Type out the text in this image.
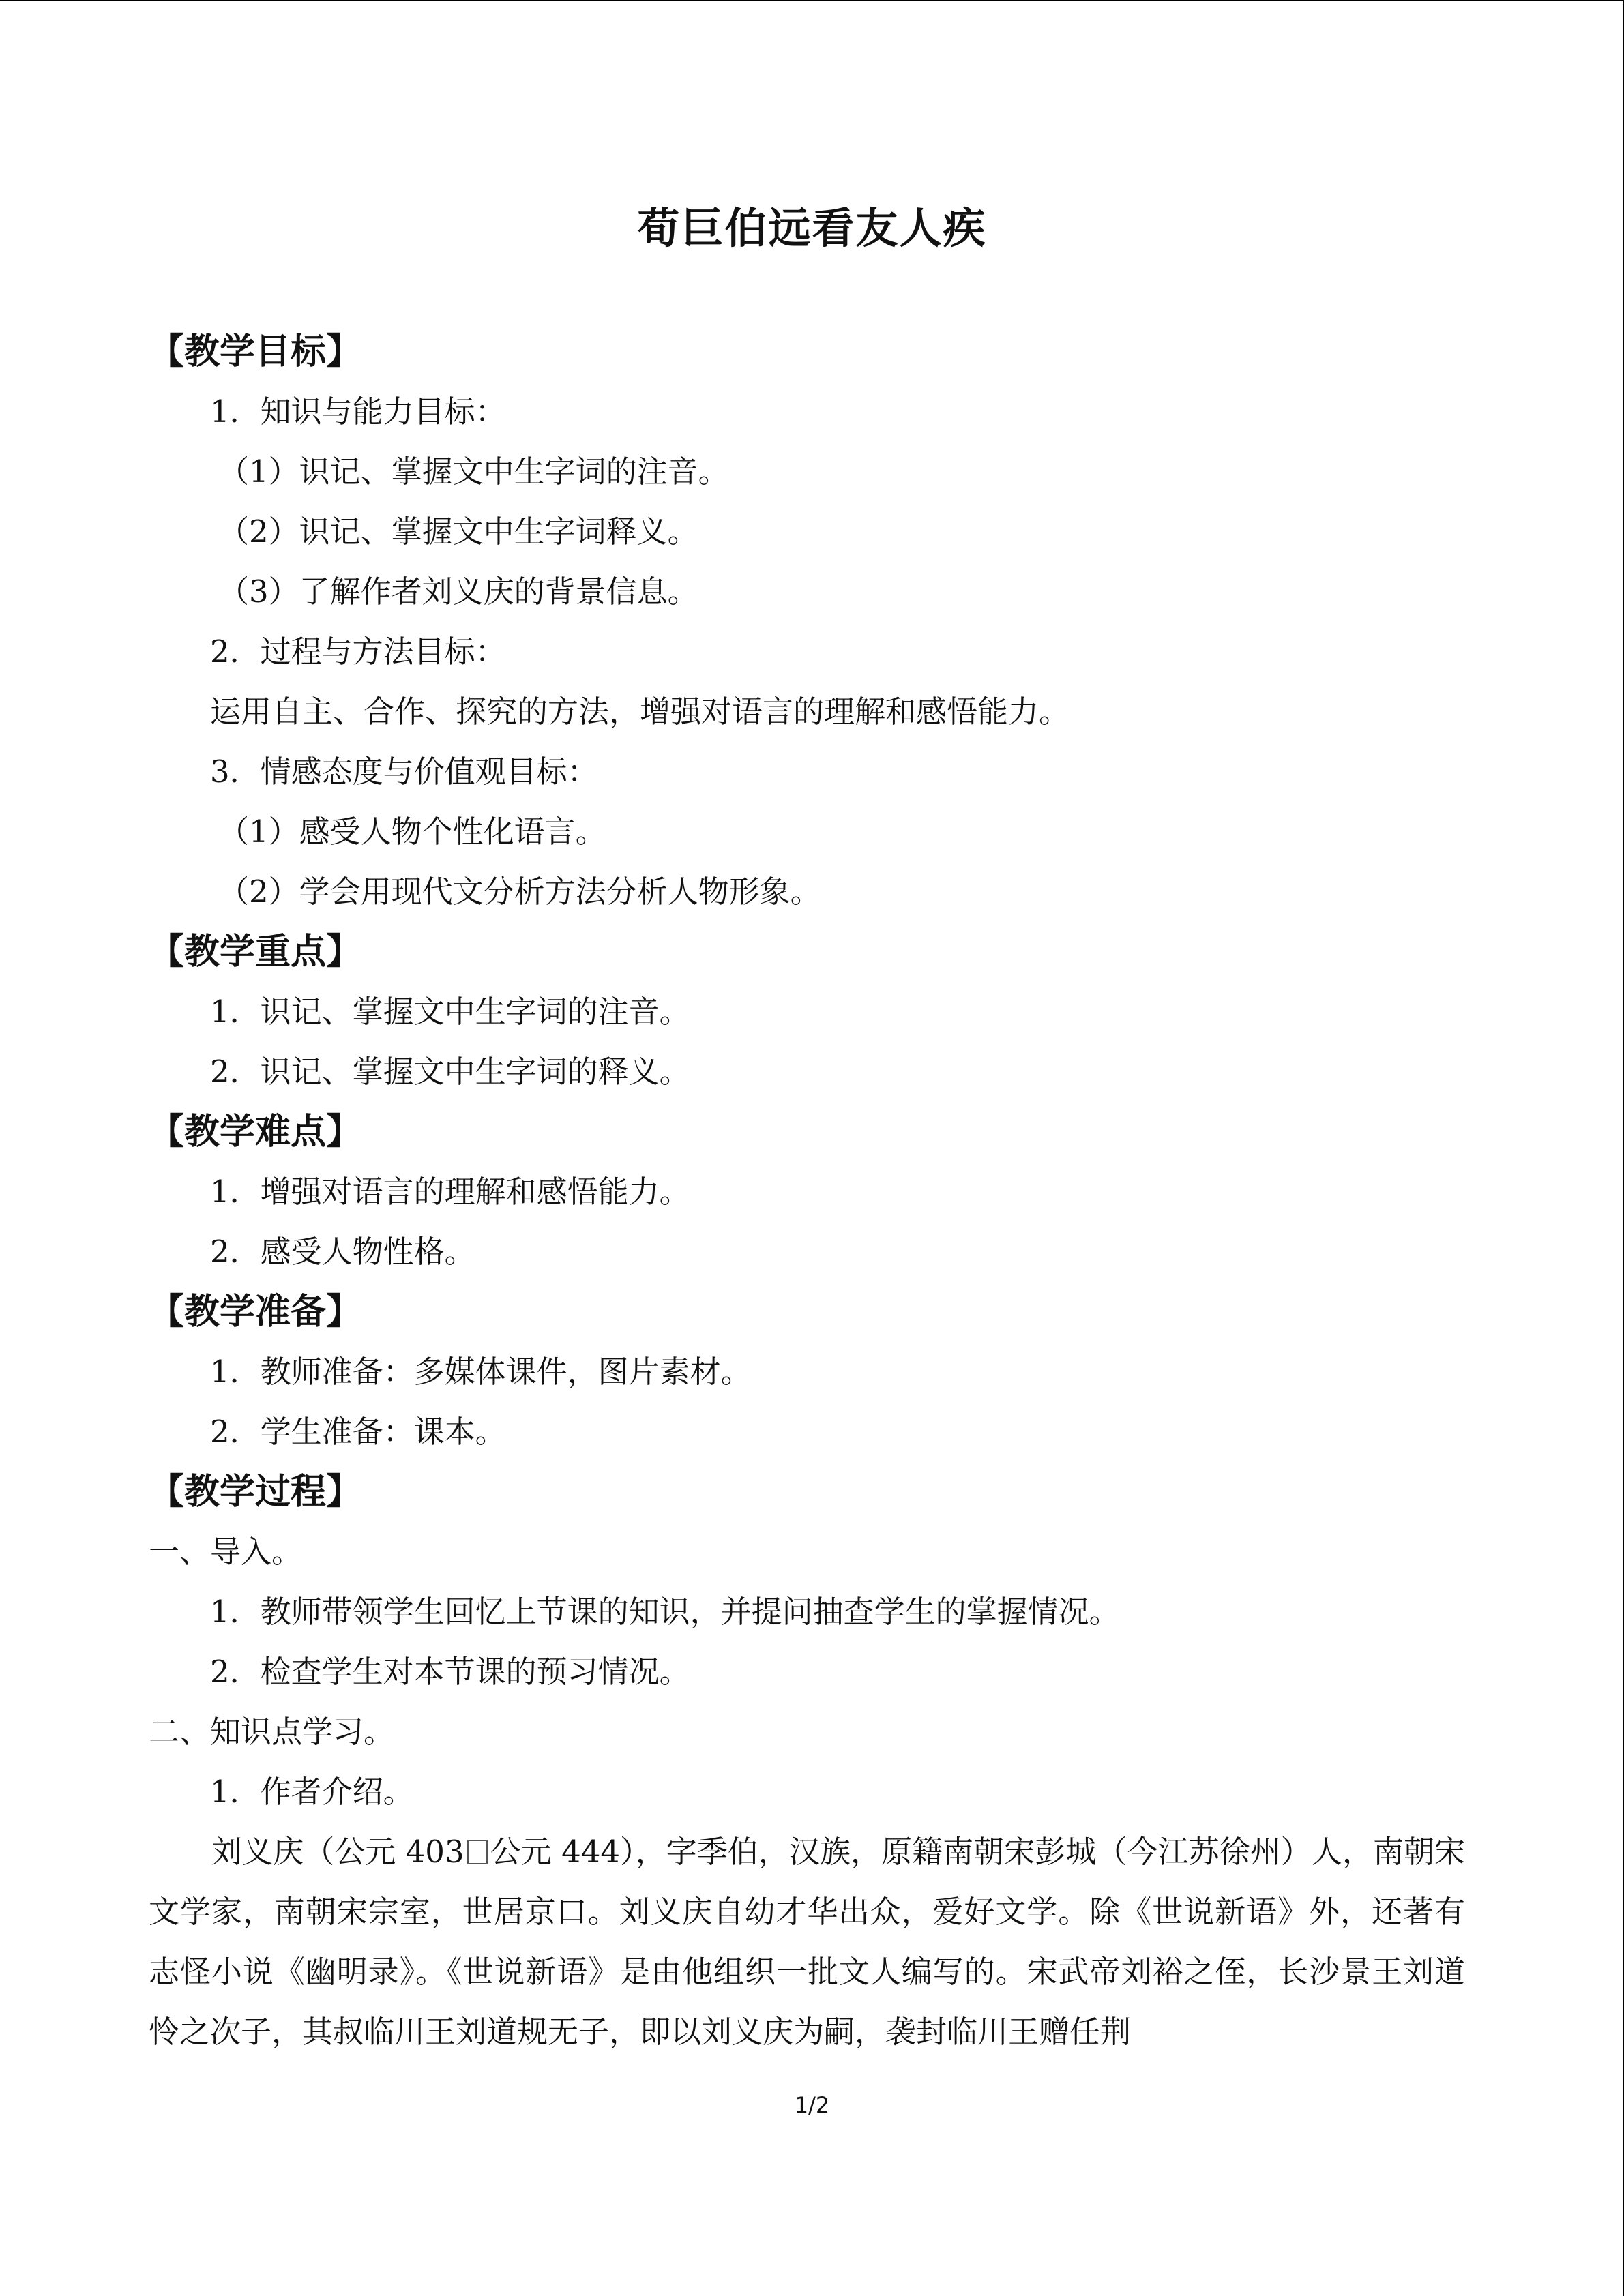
荀巨伯远看友人疾
【教学目标】
1．知识与能力目标：
（1）识记、掌握文中生字词的注音。
（2）识记、掌握文中生字词释义。
（3）了解作者刘义庆的背景信息。
2．过程与方法目标：
运用自主、合作、探究的方法，增强对语言的理解和感悟能力。
3．情感态度与价值观目标：
（1）感受人物个性化语言。
（2）学会用现代文分析方法分析人物形象。
【教学重点】
1．识记、掌握文中生字词的注音。
2．识记、掌握文中生字词的释义。
【教学难点】
1．增强对语言的理解和感悟能力。
2．感受人物性格。
【教学准备】
1．教师准备：多媒体课件，图片素材。
2．学生准备：课本。
【教学过程】
一、导入。
1．教师带领学生回忆上节课的知识，并提问抽查学生的掌握情况。
2．检查学生对本节课的预习情况。
二、知识点学习。
1．作者介绍。
刘义庆（公元 403 公元 444），字季伯，汉族，原籍南朝宋彭城（今江苏徐州）人，南朝宋文学家，南朝宋宗室，世居京口。刘义庆自幼才华出众，爱好文学。除《世说新语》外，还著有志怪小说《幽明录》。《世说新语》是由他组织一批文人编写的。宋武帝刘裕之侄，长沙景王刘道怜之次子，其叔临川王刘道规无子，即以刘义庆为嗣，袭封临川王赠任荆
1/2
